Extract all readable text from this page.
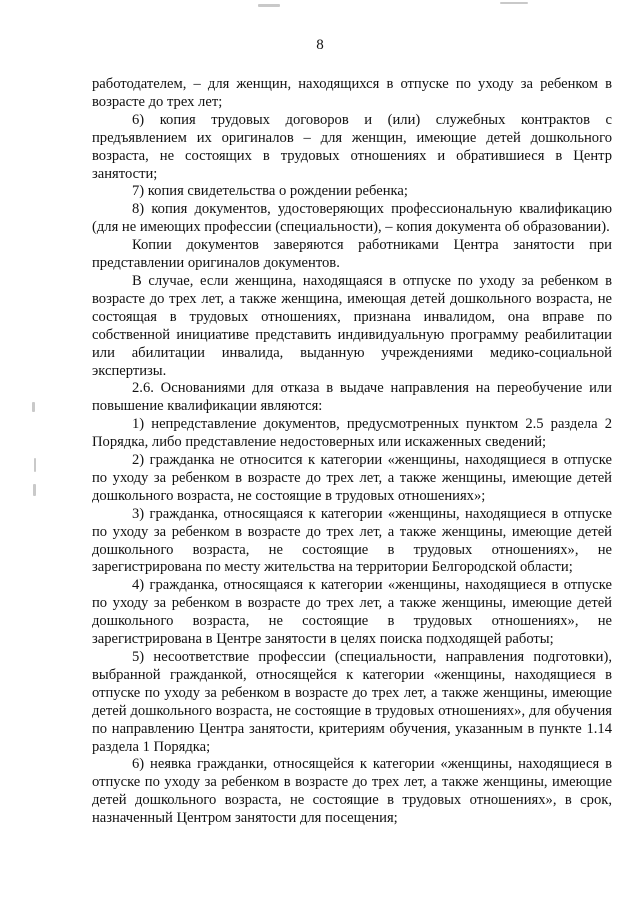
8

работодателем, – для женщин, находящихся в отпуске по уходу за ребенком в возрасте до трех лет;

6) копия трудовых договоров и (или) служебных контрактов с предъявлением их оригиналов – для женщин, имеющие детей дошкольного возраста, не состоящих в трудовых отношениях и обратившиеся в Центр занятости;

7) копия свидетельства о рождении ребенка;

8) копия документов, удостоверяющих профессиональную квалификацию (для не имеющих профессии (специальности), – копия документа об образовании).

Копии документов заверяются работниками Центра занятости при представлении оригиналов документов.

В случае, если женщина, находящаяся в отпуске по уходу за ребенком в возрасте до трех лет, а также женщина, имеющая детей дошкольного возраста, не состоящая в трудовых отношениях, признана инвалидом, она вправе по собственной инициативе представить индивидуальную программу реабилитации или абилитации инвалида, выданную учреждениями медико-социальной экспертизы.

2.6. Основаниями для отказа в выдаче направления на переобучение или повышение квалификации являются:

1) непредставление документов, предусмотренных пунктом 2.5 раздела 2 Порядка, либо представление недостоверных или искаженных сведений;

2) гражданка не относится к категории «женщины, находящиеся в отпуске по уходу за ребенком в возрасте до трех лет, а также женщины, имеющие детей дошкольного возраста, не состоящие в трудовых отношениях»;

3) гражданка, относящаяся к категории «женщины, находящиеся в отпуске по уходу за ребенком в возрасте до трех лет, а также женщины, имеющие детей дошкольного возраста, не состоящие в трудовых отношениях», не зарегистрирована по месту жительства на территории Белгородской области;

4) гражданка, относящаяся к категории «женщины, находящиеся в отпуске по уходу за ребенком в возрасте до трех лет, а также женщины, имеющие детей дошкольного возраста, не состоящие в трудовых отношениях», не зарегистрирована в Центре занятости в целях поиска подходящей работы;

5) несоответствие профессии (специальности, направления подготовки), выбранной гражданкой, относящейся к категории «женщины, находящиеся в отпуске по уходу за ребенком в возрасте до трех лет, а также женщины, имеющие детей дошкольного возраста, не состоящие в трудовых отношениях», для обучения по направлению Центра занятости, критериям обучения, указанным в пункте 1.14 раздела 1 Порядка;

6) неявка гражданки, относящейся к категории «женщины, находящиеся в отпуске по уходу за ребенком в возрасте до трех лет, а также женщины, имеющие детей дошкольного возраста, не состоящие в трудовых отношениях», в срок, назначенный Центром занятости для посещения;
